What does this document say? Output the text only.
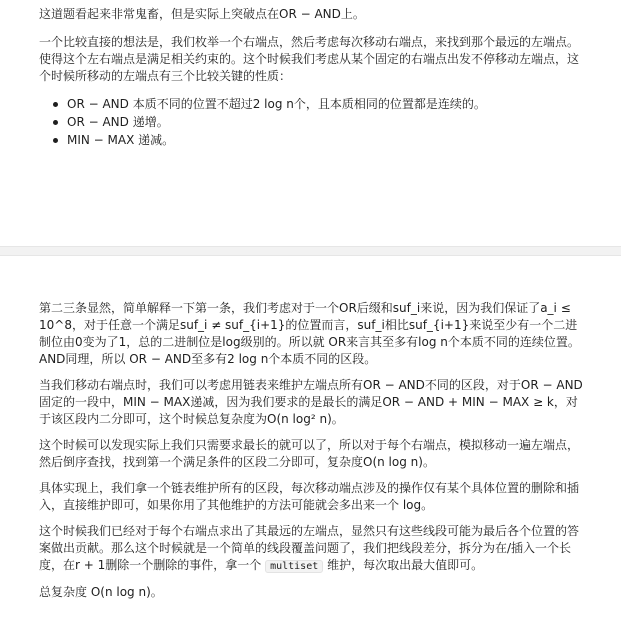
这道题看起来非常鬼畜，但是实际上突破点在OR − AND上。

一个比较直接的想法是，我们枚举一个右端点，然后考虑每次移动右端点，来找到那个最远的左端点。使得这个左右端点是满足相关约束的。这个时候我们考虑从某个固定的右端点出发不停移动左端点，这个时候所移动的左端点有三个比较关键的性质：

OR − AND 本质不同的位置不超过2 log n个，且本质相同的位置都是连续的。
OR − AND 递增。
MIN − MAX 递减。

第二三条显然，简单解释一下第一条，我们考虑对于一个OR后缀和suf_i来说，因为我们保证了a_i ≤ 10^8，对于任意一个满足suf_i ≠ suf_{i+1}的位置而言，suf_i相比suf_{i+1}来说至少有一个二进制位由0变为了1，总的二进制位是log级别的。所以就 OR来言其至多有log n个本质不同的连续位置。AND同理，所以 OR − AND至多有2 log n个本质不同的区段。

当我们移动右端点时，我们可以考虑用链表来维护左端点所有OR − AND不同的区段，对于OR − AND固定的一段中，MIN − MAX递减，因为我们要求的是最长的满足OR − AND + MIN − MAX ≥ k，对于该区段内二分即可，这个时候总复杂度为O(n log² n)。

这个时候可以发现实际上我们只需要求最长的就可以了，所以对于每个右端点，模拟移动一遍左端点，然后倒序查找，找到第一个满足条件的区段二分即可，复杂度O(n log n)。

具体实现上，我们拿一个链表维护所有的区段，每次移动端点涉及的操作仅有某个具体位置的删除和插入，直接维护即可，如果你用了其他维护的方法可能就会多出来一个 log。

这个时候我们已经对于每个右端点求出了其最远的左端点，显然只有这些线段可能为最后各个位置的答案做出贡献。那么这个时候就是一个简单的线段覆盖问题了，我们把线段差分，拆分为在/插入一个长度，在r + 1删除一个删除的事件，拿一个 multiset 维护，每次取出最大值即可。

总复杂度 O(n log n)。
